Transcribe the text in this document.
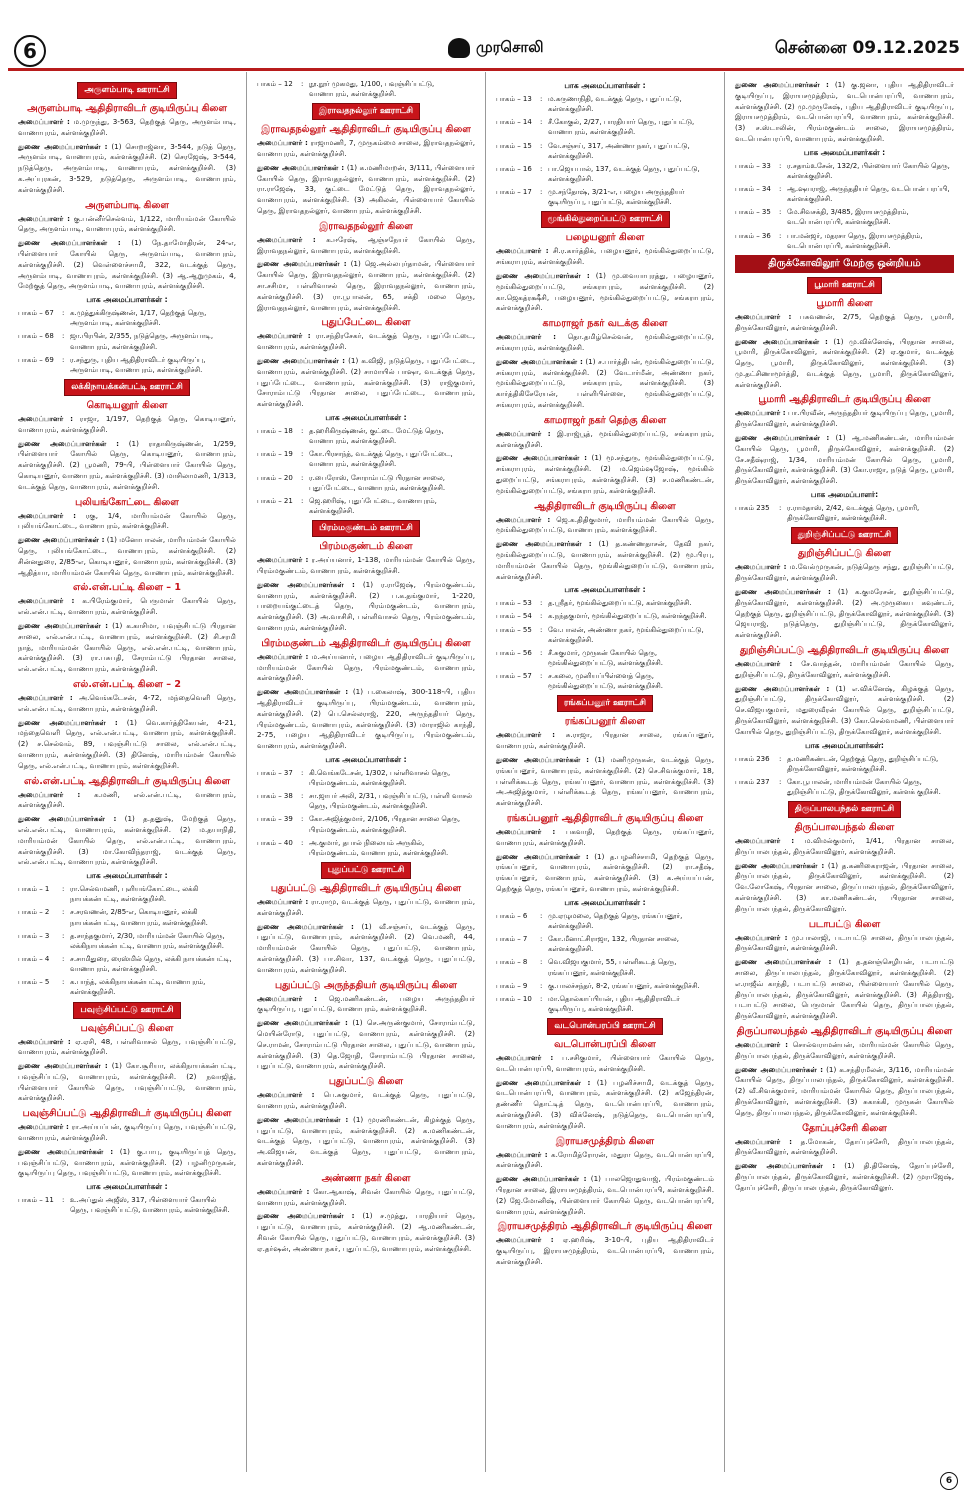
6	முரசொலி	சென்னை 09.12.2025
அருளம்பாடி ஊராட்சி
அருளம்பாடி ஆதிதிராவிடர் குடியிருப்பு கிளை
அமைப்பாளர் : ம.முருந்து, 3-563, தெற்குத் தெரு, அருளம்பாடி, வாணாபுரம், கள்ளக்குறிச்சி.
துணை அமைப்பாளர்கள் : (1) சொறாஜ்னா, 3-544, நடுத் தெரு, அருளம்பாடி, வாணாபுரம், கள்ளக்குறிச்சி. (2) செரஜேஷ், 3-544, நடுத்தெரு, அருளம்பாடி, வாணாபுரம், கள்ளக்குறிச்சி. (3) க.அப்புரகன், 3-529, நடுத்தெரு, அருளம்பாடி, வாணாபுரம், கள்ளக்குறிச்சி.
அருளம்பாடி கிளை
அமைப்பாளர் : கு.பன்னீர்செல்வம், 1/122, மாரியம்மன் கோயில் தெரு, அருளம்பாடி, வாணாபுரம், கள்ளக்குறிச்சி.
துணை அமைப்பாளர்கள் : (1) நே.தாமோதிரன், 24-எ, பிள்ளையார் கோயில் தெரு, அருளம்பாடி, வாணாபுரம், கள்ளக்குறிச்சி. (2) வெள்ளைச்சாமி, 322, வடக்குத் தெரு, அருளம்பாடி, வாணாபுரம், கள்ளக்குறிச்சி. (3) ஆ.ஆறுமுகம், 4, மேற்குத் தெரு, அருளம்பாடி, வாணாபுரம், கள்ளக்குறிச்சி.
பாக அமைப்பாளர்கள் :
பாகம் – 67	: க.முத்துக்கிருஷ்ணன், 1/17, தெற்குத் தெரு, அருளம்பாடி, கள்ளக்குறிச்சி.
பாகம் – 68	: ஜா.பிரபின், 2/355, நடுத்தெரு, அருளம்பாடி, வாணாபுரம், கள்ளக்குறிச்சி.
பாகம் – 69	: ர.சந்துரு, புதிய ஆதிதிராவிடர் குடியிருப்பு, அருளம்பாடி, வாணாபுரம், கள்ளக்குறிச்சி.
லக்கிநாயக்கன்பட்டி ஊராட்சி
கொடியனூர் கிளை
அமைப்பாளர் : ராஜா, 1/197, தெற்குத் தெரு, கொடியனூர், வாணாபுரம், கள்ளக்குறிச்சி.
துணை அமைப்பாளர்கள் : (1) ராதாகிருஷ்ணன், 1/259, பிள்ளையார் கோயில் தெரு, கொடியனூர், வாணாபுரம், கள்ளக்குறிச்சி. (2) பூமணி, 79-பி, பிள்ளையார் கோயில் தெரு, கொடியனூர், வாணாபுரம், கள்ளக்குறிச்சி. (3) மாசிலாமணி, 1/313, வடக்குத் தெரு, வாணாபுரம், கள்ளக்குறிச்சி.
புலியங்கோட்டை கிளை
அமைப்பாளர் : ரகு, 1/4, மாரியம்மன் கோயில் தெரு, புலியங்கோட்டை, வாணாபுரம், கள்ளக்குறிச்சி.
துணை அமைப்பாளர்கள் : (1) மனோபாலன், மாரியம்மன் கோயில் தெரு, புலியங்கோட்டை, வாணாபுரம், கள்ளக்குறிச்சி. (2) சின்னதுரை, 2/85-எ, கொடியனூர், வாணாபுரம், கள்ளக்குறிச்சி. (3) ஆதித்யா, மாரியம்மன் கோயில் தெரு, வாணாபுரம், கள்ளக்குறிச்சி.
எல்.என்.பட்டி கிளை – 1
அமைப்பாளர் : க.பிரேம்குமார், பெருமாள் கோயில் தெரு, எல்.என்.பட்டி, வாணாபுரம், கள்ளக்குறிச்சி.
துணை அமைப்பாளர்கள் : (1) க.காசிமா, பவுஞ்சிபட்டு பிரதான சாலை, எல்.என்.பட்டி, வாணாபுரம், கள்ளக்குறிச்சி. (2) சி.சரமி நாத், மாரியம்மன் கோயில் தெரு, எல்.என்.பட்டி, வாணாபுரம், கள்ளக்குறிச்சி. (3) ரா.பசுபதி, சேராம்பட்டு பிரதான சாலை, எல்.என்.பட்டி, வாணாபுரம், கள்ளக்குறிச்சி.
எல்.என்.பட்டி கிளை – 2
அமைப்பாளர் : அ.வெங்கடேசன், 4-72, மந்தைவெளி தெரு, எல்.என்.பட்டி, வாணாபுரம், கள்ளக்குறிச்சி.
துணை அமைப்பாளர்கள் : (1) வெ.கார்த்திகேயன், 4-21, மந்தைவெளி தெரு, எல்.என்.பட்டி, வாணாபுரம், கள்ளக்குறிச்சி. (2) ச.செல்வம், 89, பவுஞ்சிபட்டு சாலை, எல்.என்.பட்டி, வாணாபுரம், கள்ளக்குறிச்சி. (3) தினேஷ், மாரியம்மன் கோயில் தெரு, எல்.என்.பட்டி, வாணாபுரம், கள்ளக்குறிச்சி.
எல்.என்.பட்டி ஆதிதிராவிடர் குடியிருப்பு கிளை
அமைப்பாளர் : க.மணி, எல்.என்.பட்டி, வாணாபுரம், கள்ளக்குறிச்சி.
துணை அமைப்பாளர்கள் : (1) த.தனுஷ், மேற்குத் தெரு, எல்.என்.பட்டி, வாணாபுரம், கள்ளக்குறிச்சி. (2) ம.தயாநிதி, மாரியம்மன் கோயில் தெரு, எல்.என்.பட்டி, வாணாபுரம், கள்ளக்குறிச்சி. (3) மா.கோவிந்தராஜ், வடக்குத் தெரு, எல்.என்.பட்டி, வாணாபுரம், கள்ளக்குறிச்சி.
பாக அமைப்பாளர்கள் :
பாகம் – 1	: ரா.செல்வமணி, புளியங்கோட்டை, லக்கி நாயக்கன்பட்டி, கள்ளக்குறிச்சி.
பாகம் – 2	: ச.சரவணன், 2/85-எ, கொடியனூர், லக்கி நாயக்கன்பட்டி, வாணாபுரம், கள்ளக்குறிச்சி.
பாகம் – 3	: த.சாந்தகுமார், 2/30, மாரியம்மன் கோயில் தெரு, லக்கிநாயக்கன்பட்டி, வாணாபுரம், கள்ளக்குறிச்சி.
பாகம் – 4	: ச.சாமிதுரை, ரைஸ்மில் தெரு, லக்கி நாயக்கன்பட்டி, வாணாபுரம், கள்ளக்குறிச்சி.
பாகம் – 5	: க.பாந்த், லக்கிநாயக்கன்பட்டி, வாணாபுரம், கள்ளக்குறிச்சி.
பவுஞ்சிப்பட்டு ஊராட்சி
பவுஞ்சிப்பட்டு கிளை
அமைப்பாளர் : ஏ.ஏசி, 48, பள்ளிவாசல் தெரு, பவுஞ்சிப்பட்டு, வாணாபுரம், கள்ளக்குறிச்சி.
துணை அமைப்பாளர்கள் : (1) கோ.சூரியா, லக்கிநாயக்கன்பட்டி, பவுஞ்சிப்பட்டு, வாணாபுரம், கள்ளக்குறிச்சி. (2) நவாஜித், பிள்ளையார் கோயில் தெரு, பவுஞ்சிப்பட்டு, வாணாபுரம், கள்ளக்குறிச்சி.
பவுஞ்சிப்பட்டு ஆதிதிராவிடர் குடியிருப்பு கிளை
அமைப்பாளர் : ரா.அய்யப்பன், குடியிருப்பு தெரு, பவுஞ்சிப்பட்டு, வாணாபுரம், கள்ளக்குறிச்சி.
துணை அமைப்பாளர்கள் : (1) கு.பாபு, குடியிருப்புத் தெரு, பவுஞ்சிப்பட்டு, வாணாபுரம், கள்ளக்குறிச்சி. (2) பழனிமுருகன், குடியிருப்பு தெரு, பவுஞ்சிப்பட்டு, வாணாபுரம், கள்ளக்குறிச்சி.
பாக அமைப்பாளர்கள் :
பாகம் – 11	: உ.அப்துல் அஜீஸ், 317, பிள்ளையார் கோயில் தெரு, பவுஞ்சிப்பட்டு, வாணாபுரம், கள்ளக்குறிச்சி.
பாகம் – 12	: நூ.நூர் முகமது, 1/100, பவுஞ்சிப்பட்டு, வாணாபுரம், கள்ளக்குறிச்சி.
இராவதநல்லூர் ஊராட்சி
இராவதநல்லூர் ஆதிதிராவிடர் குடியிருப்பு கிளை
அமைப்பாளர் : ராஜாமணி, 7, முருகம்மை சாலை, இராவதநல்லூர், வாணாபுரம், கள்ளக்குறிச்சி.
துணை அமைப்பாளர்கள் : (1) க.மணிமாறன், 3/111, பிள்ளையார் கோயில் தெரு, இராவதநல்லூர், வாணாபுரம், கள்ளக்குறிச்சி. (2) ரா.ராஜேஷ், 33, குட்டை மேட்டுத் தெரு, இராவதநல்லூர், வாணாபுரம், கள்ளக்குறிச்சி. (3) அகிலன், பிள்ளையார் கோயில் தெரு, இராவதநல்லூர், வாணாபுரம், கள்ளக்குறிச்சி.
இராவதநல்லூர் கிளை
அமைப்பாளர் : க.ஈரேஷ், ஆஞ்சநேயர் கோயில் தெரு, இராவதநல்லூர், வாணாபுரம், கள்ளக்குறிச்சி.
துணை அமைப்பாளர்கள் : (1) ஜெ.அல்லபுர்தாமன், பிள்ளையார் கோயில் தெரு, இராவதநல்லூர், வாணாபுரம், கள்ளக்குறிச்சி. (2) சா.சசிமா, பள்ளிவாசல் தெரு, இராவதநல்லூர், வாணாபுரம், கள்ளக்குறிச்சி. (3) ரா.பூபாலன், 65, சக்தி மலை தெரு, இராவதநல்லூர், வாணாபுரம், கள்ளக்குறிச்சி.
புதுப்பேட்டை கிளை
அமைப்பாளர் : ரா.சந்திரசேகர், வடக்குத் தெரு, புதுப்பேட்டை, வாணாபுரம், கள்ளக்குறிச்சி.
துணை அமைப்பாளர்கள் : (1) க.விஜி, நடுத்தெரு, புதுப்பேட்டை, வாணாபுரம், கள்ளக்குறிச்சி. (2) சாமாயில் பாஷா, வடக்குத் தெரு, புதுப்பேட்டை, வாணாபுரம், கள்ளக்குறிச்சி. (3) ராஜ்குமார், சோராம்பட்டு பிரதான சாலை, புதுப்பேட்டை, வாணாபுரம், கள்ளக்குறிச்சி.
பாக அமைப்பாளர்கள் :
பாகம் – 18	: த.ஹரிகிருஷ்ணன், குட்டை மேட்டுத் தெரு, வாணாபுரம், கள்ளக்குறிச்சி.
பாகம் – 19	: கோ.பிரசாந்த், வடக்குத் தெரு, புதுப்பேட்டை, வாணாபுரம், கள்ளக்குறிச்சி.
பாகம் – 20	: ர.பைரோஸ், சோராம்பட்டு பிரதான சாலை, புதுப்பேட்டை, வாணாபுரம், கள்ளக்குறிச்சி.
பாகம் – 21	: ஜெ.ஹரிஷ், புதுப்பேட்டை, வாணாபுரம், கள்ளக்குறிச்சி.
பிரம்மகுண்டம் ஊராட்சி
பிரம்மகுண்டம் கிளை
அமைப்பாளர் : ர.அய்யனார், 1-138, மாரியம்மன் கோயில் தெரு, பிரம்மகுண்டம், வாணாபுரம், கள்ளக்குறிச்சி.
துணை அமைப்பாளர்கள் : (1) ர.ராஜேஷ், பிரம்மகுண்டம், வாணாபுரம், கள்ளக்குறிச்சி. (2) ப.க.தங்குமார், 1-220, பாறையங்குட்டைத் தெரு, பிரம்மகுண்டம், வாணாபுரம், கள்ளக்குறிச்சி. (3) அ.வாசிசி, பள்ளிவாசல் தெரு, பிரம்மகுண்டம், வாணாபுரம், கள்ளக்குறிச்சி.
பிரம்மகுண்டம் ஆதிதிராவிடர் குடியிருப்பு கிளை
அமைப்பாளர் : ம.அய்யனார், பழைய ஆதிதிராவிடர் குடியிருப்பு, மாரியம்மன் கோயில் தெரு, பிரம்மகுண்டம், வாணாபுரம், கள்ளக்குறிச்சி.
துணை அமைப்பாளர்கள் : (1) ப.கைலாஷ், 300-118-பி, புதிய ஆதிதிராவிடர் குடியிருப்பு, பிரம்மகுண்டம், வாணாபுரம், கள்ளக்குறிச்சி. (2) பெ.செல்லராஜ், 220, அருந்ததியர் தெரு, பிரம்மகுண்டம், வாணாபுரம், கள்ளக்குறிச்சி. (3) மாராஜில் காந்தி, 2-75, பழைய ஆதிதிராவிடர் குடியிருப்பு, பிரம்மகுண்டம், வாணாபுரம், கள்ளக்குறிச்சி.
பாக அமைப்பாளர்கள் :
பாகம் – 37	: கி.வெங்கடேசன், 1/302, பள்ளிவாசல் தெரு, பிரம்மகுண்டம், கள்ளக்குறிச்சி.
பாகம் – 38	: சா.ஜாபர் அலி, 2/31, பவுஞ்சிப்பட்டு, பள்ளி வாசல் தெரு, பிரம்மகுண்டம், கள்ளக்குறிச்சி.
பாகம் – 39	: கோ.அஜித்குமார், 2/106, பிரதான சாலை தெரு, பிரம்மகுண்டம், கள்ளக்குறிச்சி.
பாகம் – 40	: அ.குமார், தபால் நிலையம் அருகில், பிரம்மகுண்டம், வாணாபுரம், கள்ளக்குறிச்சி.
புதுப்பட்டு ஊராட்சி
புதுப்பட்டு ஆதிதிராவிடர் குடியிருப்பு கிளை
அமைப்பாளர் : ரா.ராமு, வடக்குத் தெரு, புதுப்பட்டு, வாணாபுரம், கள்ளக்குறிச்சி.
துணை அமைப்பாளர்கள் : (1) வீ.சஞ்சய், வடக்குத் தெரு, புதுப்பட்டு, வாணாபுரம், கள்ளக்குறிச்சி. (2) வெ.மணி, 44, மாரியம்மன் கோயில் தெரு, புதுப்பட்டு, வாணாபுரம், கள்ளக்குறிச்சி. (3) பா.சிவா, 137, வடக்குத் தெரு, புதுப்பட்டு, வாணாபுரம், கள்ளக்குறிச்சி.
புதுப்பட்டு அருந்ததியர் குடியிருப்பு கிளை
அமைப்பாளர் : ஜெ.மணிகண்டன், பழைய அருந்ததியர் குடியிருப்பு, புதுப்பட்டு, வாணாபுரம், கள்ளக்குறிச்சி.
துணை அமைப்பாளர்கள் : (1) செ.அருண்குமார், சோராம்பட்டு, மெயின்ரோடு, புதுப்பட்டு, வாணாபுரம், கள்ளக்குறிச்சி. (2) செ.ராமன், சோராம்பட்டு பிரதான சாலை, புதுப்பட்டு, வாணாபுரம், கள்ளக்குறிச்சி. (3) தெ.ஜோதி, சோராம்பட்டு பிரதான சாலை, புதுப்பட்டு, வாணாபுரம், கள்ளக்குறிச்சி.
புதுப்பட்டு கிளை
அமைப்பாளர் : பெ.சுகுமார், வடக்குத் தெரு, புதுப்பட்டு, வாணாபுரம், கள்ளக்குறிச்சி.
துணை அமைப்பாளர்கள் : (1) முரணிகண்டன், கிழக்குத் தெரு, புதுப்பட்டு, வாணாபுரம், கள்ளக்குறிச்சி. (2) க.மணிகண்டன், வடக்குத் தெரு, புதுப்பட்டு, வாணாபுரம், கள்ளக்குறிச்சி. (3) அ.விஜயன், வடக்குத் தெரு, புதுப்பட்டு, வாணாபுரம், கள்ளக்குறிச்சி.
அண்ணா நகர் கிளை
அமைப்பாளர் : கோ.ஆகாஷ், சிவன் கோயில் தெரு, புதுப்பட்டு, வாணாபுரம், கள்ளக்குறிச்சி.
துணை அமைப்பாளர்கள் : (1) ச.முத்து, பாரதியார் தெரு, புதுப்பட்டு, வாணாபுரம், கள்ளக்குறிச்சி. (2) ஆ.மணிகண்டன், சிவன் கோயில் தெரு, புதுப்பட்டு, வாணாபுரம், கள்ளக்குறிச்சி. (3) ஏ.தர்ஷன், அண்ணா நகர், புதுப்பட்டு, வாணாபுரம், கள்ளக்குறிச்சி.
பாக அமைப்பாளர்கள் :
பாகம் – 13	: ம.கருணாநிதி, வடக்குத் தெரு, புதுப்பட்டு, கள்ளக்குறிச்சி.
பாகம் – 14	: சீ.கோகுல், 2/27, பாரதியார் தெரு, புதுப்பட்டு, வாணாபுரம், கள்ளக்குறிச்சி.
பாகம் – 15	: வே.சஞ்சய், 317, அண்ணா நகர், புதுப்பட்டு, கள்ளக்குறிச்சி.
பாகம் – 16	: பா.ஜெயபால், 137, வடக்குத் தெரு, புதுப்பட்டு, கள்ளக்குறிச்சி.
பாகம் – 17	: மு.சந்தோஷ், 3/21-எ, பழைய அருந்ததியர் குடியிருப்பு, புதுப்பட்டு, கள்ளக்குறிச்சி.
மூங்கில்துறைப்பட்டு ஊராட்சி
பழையனூர் கிளை
அமைப்பாளர் : சி.ர.கார்த்திக், பழையனூர், மூங்கில்துறைப்பட்டு, சங்கராபுரம், கள்ளக்குறிச்சி.
துணை அமைப்பாளர்கள் : (1) மு.வையாபுரத்து, பழையனூர், மூங்கில்துறைப்பட்டு, சங்கராபுரம், கள்ளக்குறிச்சி. (2) கா.ஜெகத்ரக்ஷீசி, பழையனூர், மூங்கில்துறைப்பட்டு, சங்கராபுரம், கள்ளக்குறிச்சி.
காமராஜர் நகர் வடக்கு கிளை
அமைப்பாளர் : தொ.தமிழ்செல்வன், மூங்கில்துறைப்பட்டு, சங்கராபுரம், கள்ளக்குறிச்சி.
துணை அமைப்பாளர்கள் : (1) ச.பார்த்திபன், மூங்கில்துறைப்பட்டு, சங்கராபுரம், கள்ளக்குறிச்சி. (2) வேடார்மீன், அண்ணா நகர், மூங்கில்துறைப்பட்டு, சங்கராபுரம், கள்ளக்குறிச்சி. (3) கார்த்திகிசேரேயன், பள்ளிபிள்ளை, மூங்கில்துறைப்பட்டு, சங்கராபுரம், கள்ளக்குறிச்சி.
காமராஜர் நகர் தெற்கு கிளை
அமைப்பாளர் : இ.ராஜ்பூத், மூங்கில்துறைப்பட்டு, சங்கராபுரம், கள்ளக்குறிச்சி.
துணை அமைப்பாளர்கள் : (1) மூ.சந்துரு, மூங்கில்துறைப்பட்டு, சங்கராபுரம், கள்ளக்குறிச்சி. (2) ம.ஜெம்ஷஜோஷ், மூங்கில் துறைப்பட்டு, சங்கராபுரம், கள்ளக்குறிச்சி. (3) ச.மணிகண்டன், மூங்கில்துறைப்பட்டு, சங்கராபுரம், கள்ளக்குறிச்சி.
ஆதிதிராவிடர் குடியிருப்பு கிளை
அமைப்பாளர் : ஜெ.க.திதிகுமார், மாரியம்மன் கோயில் தெரு, மூங்கில்துறைப்பட்டு, வாணாபுரம், கள்ளக்குறிச்சி.
துணை அமைப்பாளர்கள் : (1) த.கண்ணதாசன், தேவி நகர், மூங்கில்துறைப்பட்டு, வாணாபுரம், கள்ளக்குறிச்சி. (2) மூ.பிரபு, மாரியம்மன் கோயில் தெரு, மூங்கில்துறைப்பட்டு, வாணாபுரம், கள்ளக்குறிச்சி.
பாக அமைப்பாளர்கள் :
பாகம் – 53	: த.ஸ்ரீதர், மூங்கில்துறைப்பட்டு, கள்ளக்குறிச்சி.
பாகம் – 54	: க.நந்தகுமார், மூங்கில்துறைப்பட்டு, கள்ளக்குறிச்சி.
பாகம் – 55	: வே.பாலன், அண்ணா நகர், மூங்கில்துறைப்பட்டு, கள்ளக்குறிச்சி.
பாகம் – 56	: சீ.சுகுமார், முருகன் கோயில் தெரு, மூங்கில்துறைப்பட்டு, கள்ளக்குறிச்சி.
பாகம் – 57	: ச.கலை, முனியப்பிள்ளைத் தெரு, மூங்கில்துறைப்பட்டு, கள்ளக்குறிச்சி.
ரங்கப்பனூர் ஊராட்சி
ரங்கப்பனூர் கிளை
அமைப்பாளர் : சு.ராஜா, பிரதான சாலை, ரங்கப்பனூர், வாணாபுரம், கள்ளக்குறிச்சி.
துணை அமைப்பாளர்கள் : (1) மணிமுருகன், வடக்குத் தெரு, ரங்கப்பனூர், வாணாபுரம், கள்ளக்குறிச்சி. (2) செ.சிவக்குமார், 18, பள்ளிக்கூடத் தெரு, ரங்கப்பனூர், வாணாபுரம், கள்ளக்குறிச்சி. (3) அ.அஜித்குமார், பள்ளிக்கூடத் தெரு, ரங்கப்பனூர், வாணாபுரம், கள்ளக்குறிச்சி.
ரங்கப்பனூர் ஆதிதிராவிடர் குடியிருப்பு கிளை
அமைப்பாளர் : பகவாதி, தெற்குத் தெரு, ரங்கப்பனூர், வாணாபுரம், கள்ளக்குறிச்சி.
துணை அமைப்பாளர்கள் : (1) த.பழனிச்சாமி, தெற்குத் தெரு, ரங்கப்பனூர், வாணாபுரம், கள்ளக்குறிச்சி. (2) ரா.சதீஷ், ரங்கப்பனூர், வாணாபுரம், கள்ளக்குறிச்சி. (3) க.அய்யப்பன், தெற்குத் தெரு, ரங்கப்பனூர், வாணாபுரம், கள்ளக்குறிச்சி.
பாக அமைப்பாளர்கள் :
பாகம் – 6	: மு.ஏழுமலை, தெற்குத் தெரு, ரங்கப்பனூர், கள்ளக்குறிச்சி.
பாகம் – 7	: கோ.மீனாட்சிராஜா, 132, பிரதான சாலை, கள்ளக்குறிச்சி.
பாகம் – 8	: வெ.விஜயகுமார், 55, பள்ளிகூடத் தெரு, ரங்கப்பனூர், கள்ளக்குறிச்சி.
பாகம் – 9	: கு.பாலச்சந்தர், 8-2, ரங்கப்பனூர், கள்ளக்குறிச்சி.
பாகம் – 10	: மா.தொல்காப்பியன், புதிய ஆதிதிராவிடர் குடியிருப்பு, கள்ளக்குறிச்சி.
வடபொன்பரப்பி ஊராட்சி
வடபொன்பரப்பி கிளை
அமைப்பாளர் : ப.சசிகுமார், பிள்ளையார் கோயில் தெரு, வடபொன்பரப்பி, வாணாபுரம், கள்ளக்குறிச்சி.
துணை அமைப்பாளர்கள் : (1) பழனிச்சாமி, வடக்குத் தெரு, வடபொன்பரப்பி, வாணாபுரம், கள்ளக்குறிச்சி. (2) கஜேந்திரன், தண்ணீர் தொட்டித் தெரு, வடபொன்பரப்பி, வாணாபுரம், கள்ளக்குறிச்சி. (3) விக்னேஷ், நடுத்தெரு, வடபொன்பரப்பி, வாணாபுரம், கள்ளக்குறிச்சி.
இராயசமுத்திரம் கிளை
அமைப்பாளர் : க.ரோமித்ரோரன், மதுரா தெரு, வடபொன்பரப்பி, கள்ளக்குறிச்சி.
துணை அமைப்பாளர்கள் : (1) பாலஜொதுவாஜ், பிரம்மகுண்டம் பிரதான சாலை, இராயசமுத்திரம், வடபொன்பரப்பி, கள்ளக்குறிச்சி. (2) ஜே.மோனிஷ், பிள்ளையார் கோயில் தெரு, வடபொன்பரப்பி, வாணாபுரம், கள்ளக்குறிச்சி.
இராயசமுத்திரம் ஆதிதிராவிடர் குடியிருப்பு கிளை
அமைப்பாளர் : ஏ.ஹரிஷ், 3-10-பி, புதிய ஆதிதிராவிடர் குடியிருப்பு, இராயசமுத்திரம், வடபொன்பரப்பி, வாணாபுரம், கள்ளக்குறிச்சி.
துணை அமைப்பாளர்கள் : (1) கு.ஜனா, புதிய ஆதிதிராவிடர் குடியிருப்பு, இராயசமுத்திரம், வடபொன்பரப்பி, வாணாபுரம், கள்ளக்குறிச்சி. (2) மு.முருகேஷ், புதிய ஆதிதிராவிடர் குடியிருப்பு, இராயசமுத்திரம், வடபொன்பரப்பி, வாணாபுரம், கள்ளக்குறிச்சி. (3) ச.ஸ்டாலின், பிரம்மகுண்டம் சாலை, இராயசமுத்திரம், வடபொன்பரப்பி, வாணாபுரம், கள்ளக்குறிச்சி.
பாக அமைப்பாளர்கள் :
பாகம் – 33	: ர.சதாம்உசேன், 132/2, பிள்ளையார் கோயில் தெரு, கள்ளக்குறிச்சி.
பாகம் – 34	: ஆ.ஷயராஜ், அருந்ததியர் தெரு, வடபொன் பரப்பி, கள்ளக்குறிச்சி.
பாகம் – 35	: மே.சிவசக்தி, 3/485, இராயசமுத்திரம், வடபொன்பரப்பி, கள்ளக்குறிச்சி.
பாகம் – 36	: பா.மன்ஜர், மதரசா தெரு, இராயசமுத்திரம், வடபொன்பரப்பி, கள்ளக்குறிச்சி.
திருக்கோவிலூர் மேற்கு ஒன்றியம்
பூமாரி ஊராட்சி
பூமாரி கிளை
அமைப்பாளர் : பசுவணன், 2/75, தெற்குத் தெரு, பூமாரி, திருக்கோவிலூர், கள்ளக்குறிச்சி.
துணை அமைப்பாளர்கள் : (1) மு.விக்னேஷ், பிரதான சாலை, பூமாரி, திருக்கோவிலூர், கள்ளக்குறிச்சி. (2) ஏ.குமார், வடக்குத் தெரு, பூமாரி, திருக்கோவிலூர், கள்ளக்குறிச்சி. (3) மு.தட்சிணாமூர்த்தி, வடக்குத் தெரு, பூமாரி, திருக்கோவிலூர், கள்ளக்குறிச்சி.
பூமாரி ஆதிதிராவிடர் குடியிருப்பு கிளை
அமைப்பாளர் : பா.பிரவீன், அருந்ததியர் குடியிருப்பு தெரு, பூமாரி, திருக்கோவிலூர், கள்ளக்குறிச்சி.
துணை அமைப்பாளர்கள் : (1) ஆ.மணிகண்டன், மாரியம்மன் கோயில் தெரு, பூமாரி, திருக்கோவிலூர், கள்ளக்குறிச்சி. (2) சே.சதீஷ்ராஜ், 1/34, மாரியம்மன் கோயில் தெரு, பூமாரி, திருக்கோவிலூர், கள்ளக்குறிச்சி. (3) கோ.ராஜா, நடுத் தெரு, பூமாரி, திருக்கோவிலூர், கள்ளக்குறிச்சி.
பாக அமைப்பாளர்:
பாகம் 235	: ர.ராமதாஸ், 2/42, வடக்குத் தெரு, பூமாரி, திருக்கோவிலூர், கள்ளக்குறிச்சி.
துறிஞ்சிப்பட்டு ஊராட்சி
துறிஞ்சிப்பட்டு கிளை
அமைப்பாளர் : ம.வேல்முருகன், நடுத்தெரு சந்து, துறிஞ்சிப்பட்டு, திருக்கோவிலூர், கள்ளக்குறிச்சி.
துணை அமைப்பாளர்கள் : (1) க.குமரேசன், துறிஞ்சிப்பட்டு, திருக்கோவிலூர், கள்ளக்குறிச்சி. (2) அ.முருகைய கவுண்டர், தெற்குத் தெரு, துறிஞ்சிப்பட்டு, திருக்கோவிலூர், கள்ளக்குறிச்சி. (3) ஜெயராஜ், நடுத்தெரு, துறிஞ்சிப்பட்டு, திருக்கோவிலூர், கள்ளக்குறிச்சி.
துறிஞ்சிப்பட்டு ஆதிதிராவிடர் குடியிருப்பு கிளை
அமைப்பாளர் : சே.வாத்தன், மாரியம்மன் கோயில் தெரு, துறிஞ்சிப்பட்டு, திருக்கோவிலூர், கள்ளக்குறிச்சி.
துணை அமைப்பாளர்கள் : (1) எ.விக்னேஷ், கிழக்குத் தெரு, துறிஞ்சிப்பட்டு, திருக்கோவிலூர், கள்ளக்குறிச்சி. (2) செ.விஜயகுமார், மதுரைவீரன் கோயில் தெரு, துறிஞ்சிப்பட்டு, திருக்கோவிலூர், கள்ளக்குறிச்சி. (3) கோ.செல்வமணி, பிள்ளையார் கோயில் தெரு, துறிஞ்சிப்பட்டு, திருக்கோவிலூர், கள்ளக்குறிச்சி.
பாக அமைப்பாளர்கள்:
பாகம் 236	: த.மணிகண்டன், தெற்குத் தெரு, துறிஞ்சிப்பட்டு, திருக்கோவிலூர், கள்ளக்குறிச்சி.
பாகம் 237	: கோ.பூபாலன், மாரியம்மன் கோயில் தெரு, துறிஞ்சிப்பட்டு, திருக்கோவிலூர், கள்ளக் குறிச்சி.
திருப்பாலபந்தல் ஊராட்சி
திருப்பாலபந்தல் கிளை
அமைப்பாளர் : ம.விமல்குமார், 1/41, பிரதான சாலை, திருப்பாலபந்தல், திருக்கோவிலூர், கள்ளக்குறிச்சி.
துணை அமைப்பாளர்கள் : (1) த.கணிகைராஜன், பிரதான சாலை, திருப்பாலபந்தல், திருக்கோவிலூர், கள்ளக்குறிச்சி. (2) வே.லோகேஷ், பிரதான சாலை, திருப்பாலபந்தல், திருக்கோவிலூர், கள்ளக்குறிச்சி. (3) கா.மணிகண்டன், பிரதான சாலை, திருப்பாலபந்தல், திருக்கோவிலூர்.
படாபட்டு கிளை
அமைப்பாளர் : மு.பாலாஜி, படாபட்டு சாலை, திருப்பாலபந்தல், திருக்கோவிலூர், கள்ளக்குறிச்சி.
துணை அமைப்பாளர்கள் : (1) த.தனஞ்செழியன், படாபட்டு சாலை, திருப்பாலபந்தல், திருக்கோவிலூர், கள்ளக்குறிச்சி. (2) எ.ராஜீவ் காந்தி, படாபட்டு சாலை, பிள்ளையார் கோயில் தெரு, திருப்பாலபந்தல், திருக்கோவிலூர், கள்ளக்குறிச்சி. (3) சித்திராஜ், படாபட்டு சாலை, பெருமாள் கோயில் தெரு, திருப்பாலபந்தல், திருக்கோவிலூர், கள்ளக்குறிச்சி.
திருப்பாலபந்தல் ஆதிதிராவிடர் குடியிருப்பு கிளை
அமைப்பாளர் : சொல்வராமன்யன், மாரியம்மன் கோயில் தெரு, திருப்பாலபந்தல், திருக்கோவிலூர், கள்ளக்குறிச்சி.
துணை அமைப்பாளர்கள் : (1) க.சந்திரமீலன், 3/116, மாரியம்மன் கோயில் தெரு, திருப்பாலபந்தல், திருக்கோவிலூர், கள்ளக்குறிச்சி. (2) வீ.சிவக்குமார், மாரியம்மன் கோயில் தெரு, திருப்பாலபந்தல், திருக்கோவிலூர், கள்ளக்குறிச்சி. (3) சுகாக்கி, முருகன் கோயில் தெரு, திருப்பாலபந்தல், திருக்கோவிலூர், கள்ளக்குறிச்சி.
தோப்புச்சேரி கிளை
அமைப்பாளர் : த.மோகன், தோப்புச்சேரி, திருப்பாலபந்தல், திருக்கோவிலூர், கள்ளக்குறிச்சி.
துணை அமைப்பாளர்கள் : (1) தி.தினேஷ், தோப்புச்சேரி, திருப்பாலபந்தல், திருக்கோவிலூர், கள்ளக்குறிச்சி. (2) முராஜேஷ், தோப்புச்சேரி, திருப்பாலபந்தல், திருக்கோவிலூர்.
6
